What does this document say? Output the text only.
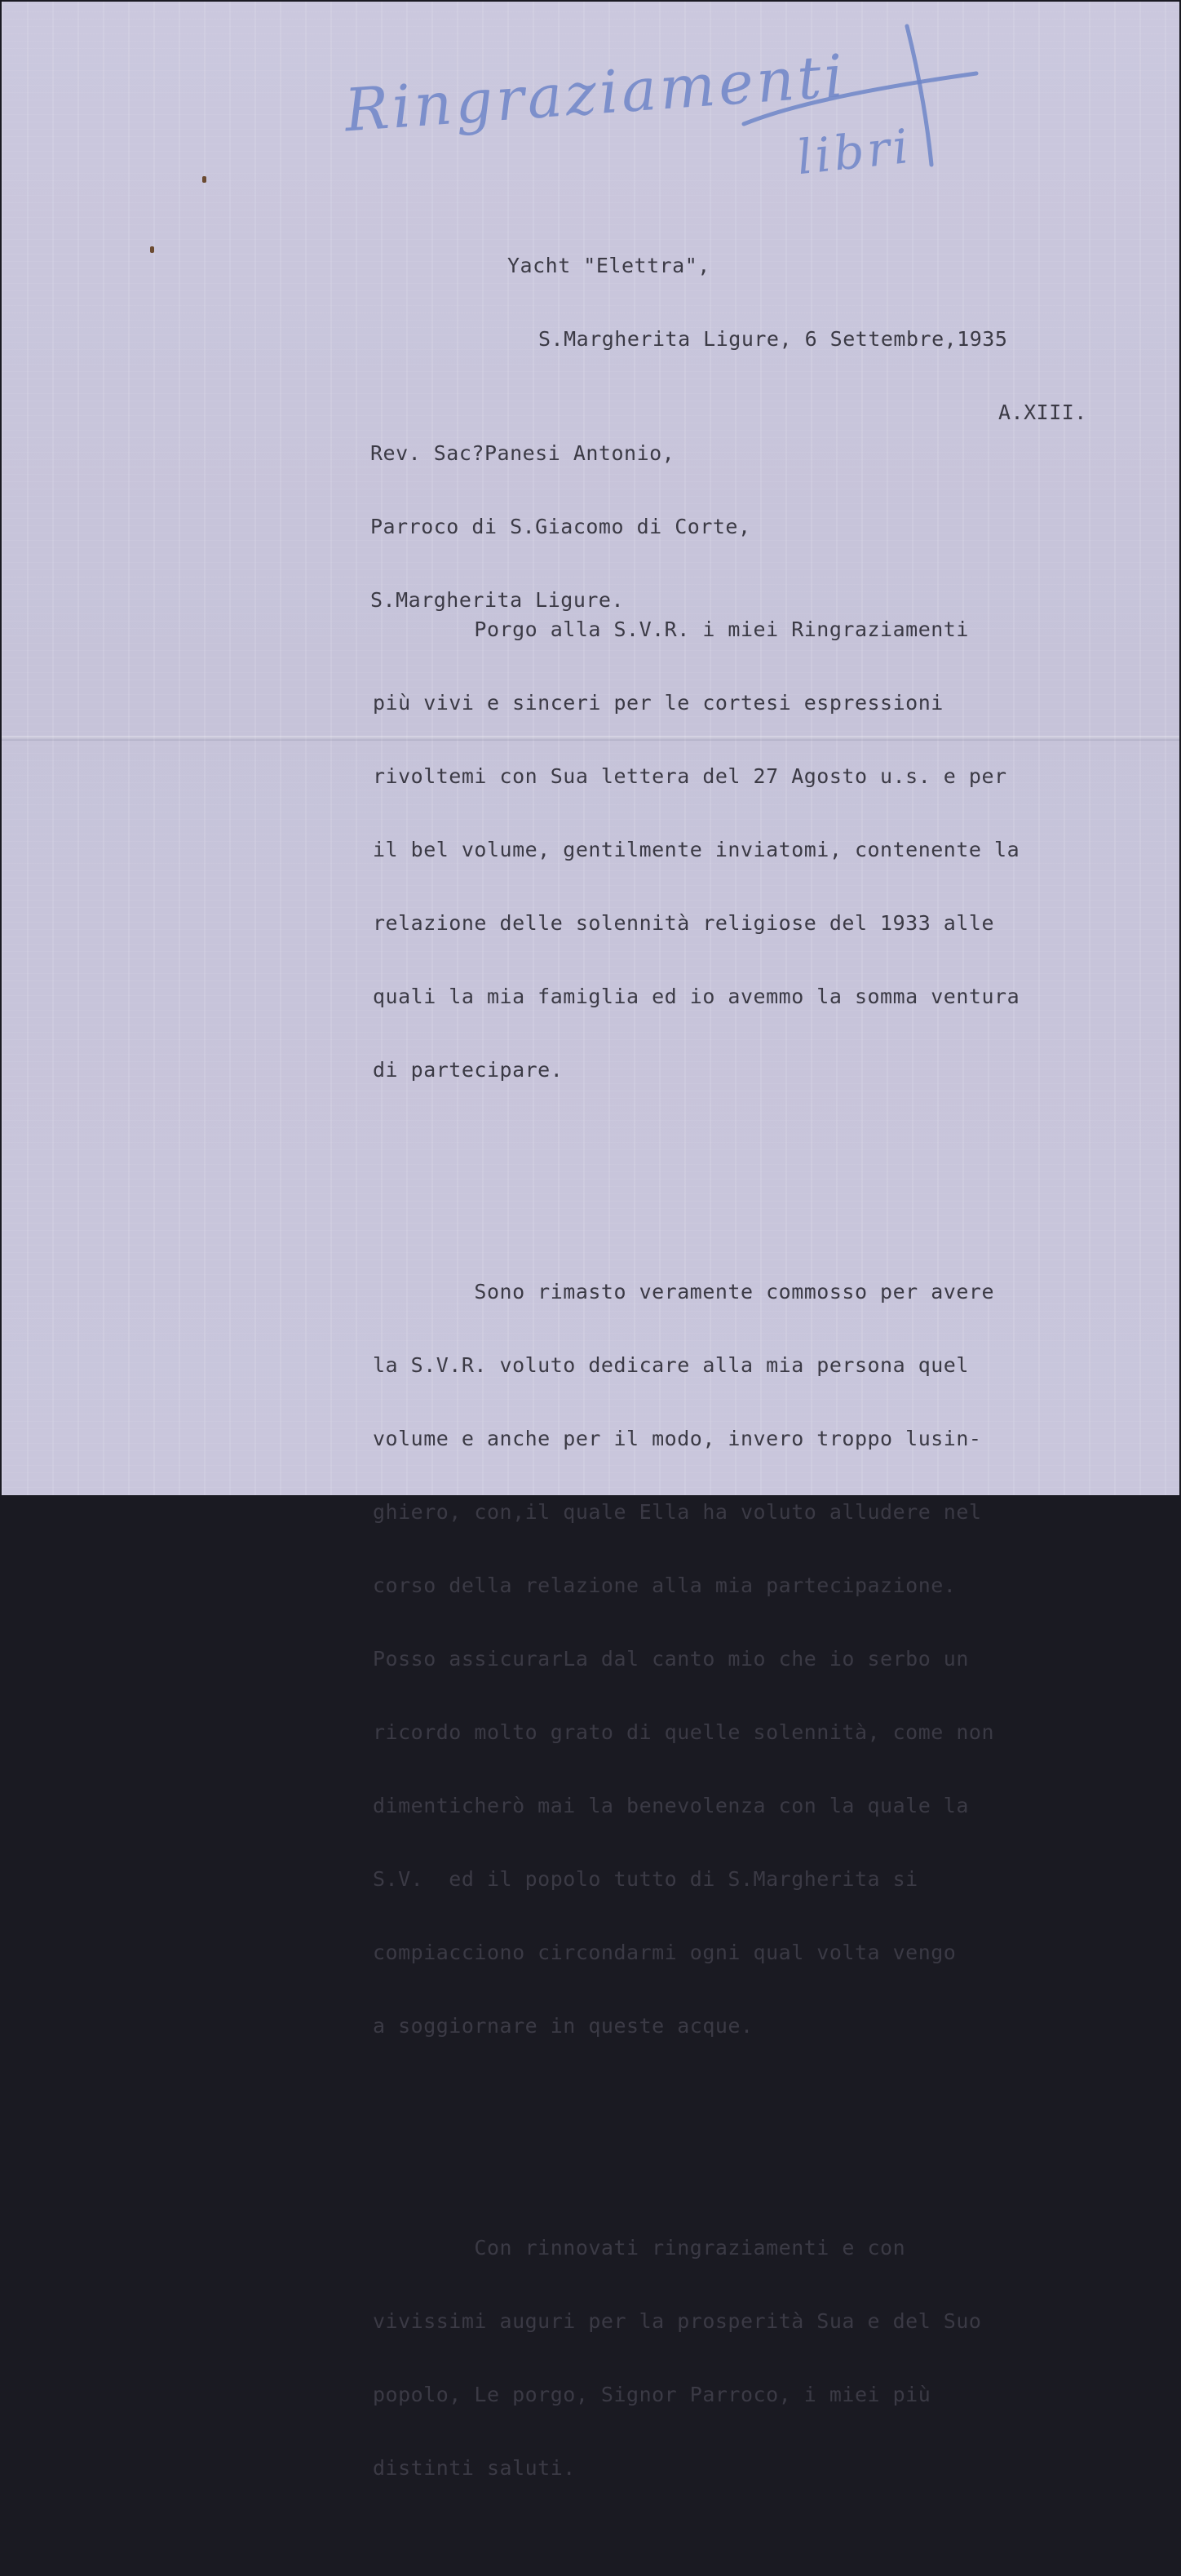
Ringraziamenti
libri

Yacht "Elettra",

S.Margherita Ligure, 6 Settembre,1935

A.XIII.

Rev. Sac?Panesi Antonio,

Parroco di S.Giacomo di Corte,

S.Margherita Ligure.

Porgo alla S.V.R. i miei Ringraziamenti

più vivi e sinceri per le cortesi espressioni

rivoltemi con Sua lettera del 27 Agosto u.s. e per

il bel volume, gentilmente inviatomi, contenente la

relazione delle solennità religiose del 1933 alle

quali la mia famiglia ed io avemmo la somma ventura

di partecipare.

Sono rimasto veramente commosso per avere

la S.V.R. voluto dedicare alla mia persona quel

volume e anche per il modo, invero troppo lusin-

ghiero, con,il quale Ella ha voluto alludere nel

corso della relazione alla mia partecipazione.

Posso assicurarLa dal canto mio che io serbo un

ricordo molto grato di quelle solennità, come non

dimenticherò mai la benevolenza con la quale la

S.V.  ed il popolo tutto di S.Margherita si

compiacciono circondarmi ogni qual volta vengo

a soggiornare in queste acque.

Con rinnovati ringraziamenti e con

vivissimi auguri per la prosperità Sua e del Suo

popolo, Le porgo, Signor Parroco, i miei più

distinti saluti.
